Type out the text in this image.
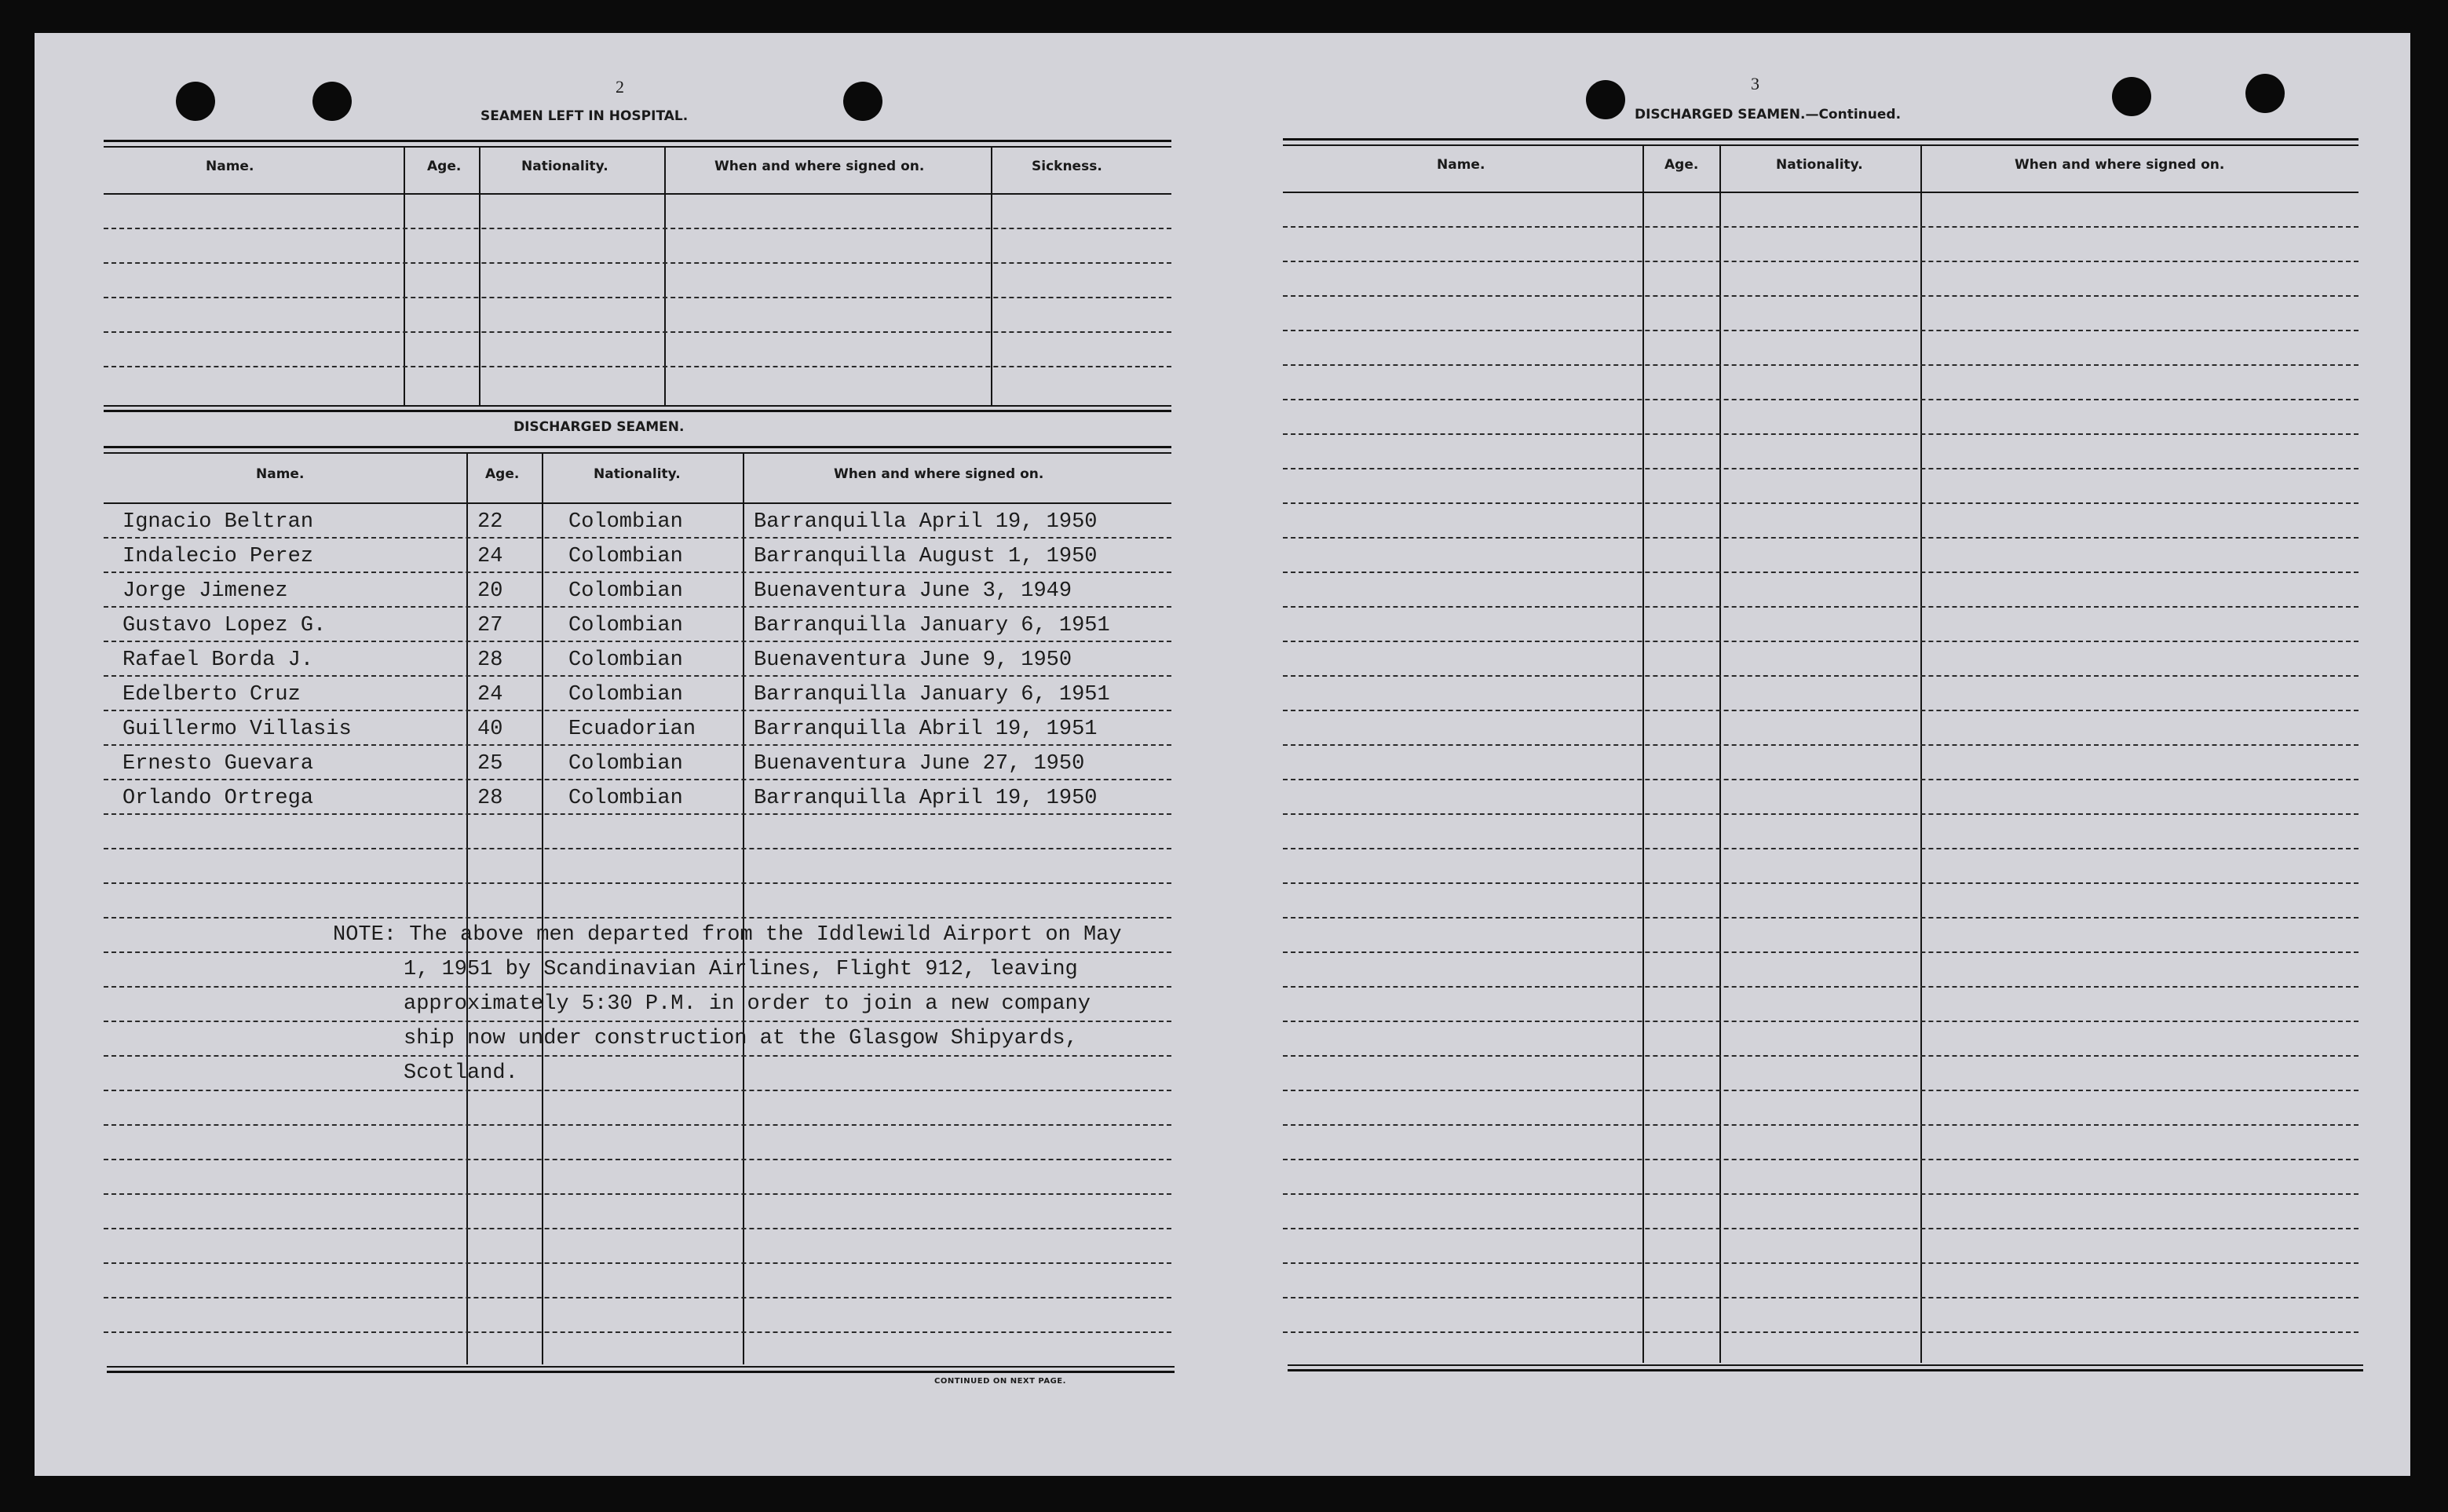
2
SEAMEN LEFT IN HOSPITAL.
Name.	Age.	Nationality.	When and where signed on.	Sickness.
DISCHARGED SEAMEN.
Name.	Age.	Nationality.	When and where signed on.
Ignacio Beltran	22	Colombian	Barranquilla April 19, 1950
Indalecio Perez	24	Colombian	Barranquilla August 1, 1950
Jorge Jimenez	20	Colombian	Buenaventura June 3, 1949
Gustavo Lopez G.	27	Colombian	Barranquilla January 6, 1951
Rafael Borda J.	28	Colombian	Buenaventura June 9, 1950
Edelberto Cruz	24	Colombian	Barranquilla January 6, 1951
Guillermo Villasis	40	Ecuadorian	Barranquilla Abril 19, 1951
Ernesto Guevara	25	Colombian	Buenaventura June 27, 1950
Orlando Ortrega	28	Colombian	Barranquilla April 19, 1950
NOTE: The above men departed from the Iddlewild Airport on May
1, 1951 by Scandinavian Airlines, Flight 912, leaving
approximately 5:30 P.M. in order to join a new company
ship now under construction at the Glasgow Shipyards,
Scotland.
CONTINUED ON NEXT PAGE.
3
DISCHARGED SEAMEN.—Continued.
Name.	Age.	Nationality.	When and where signed on.
